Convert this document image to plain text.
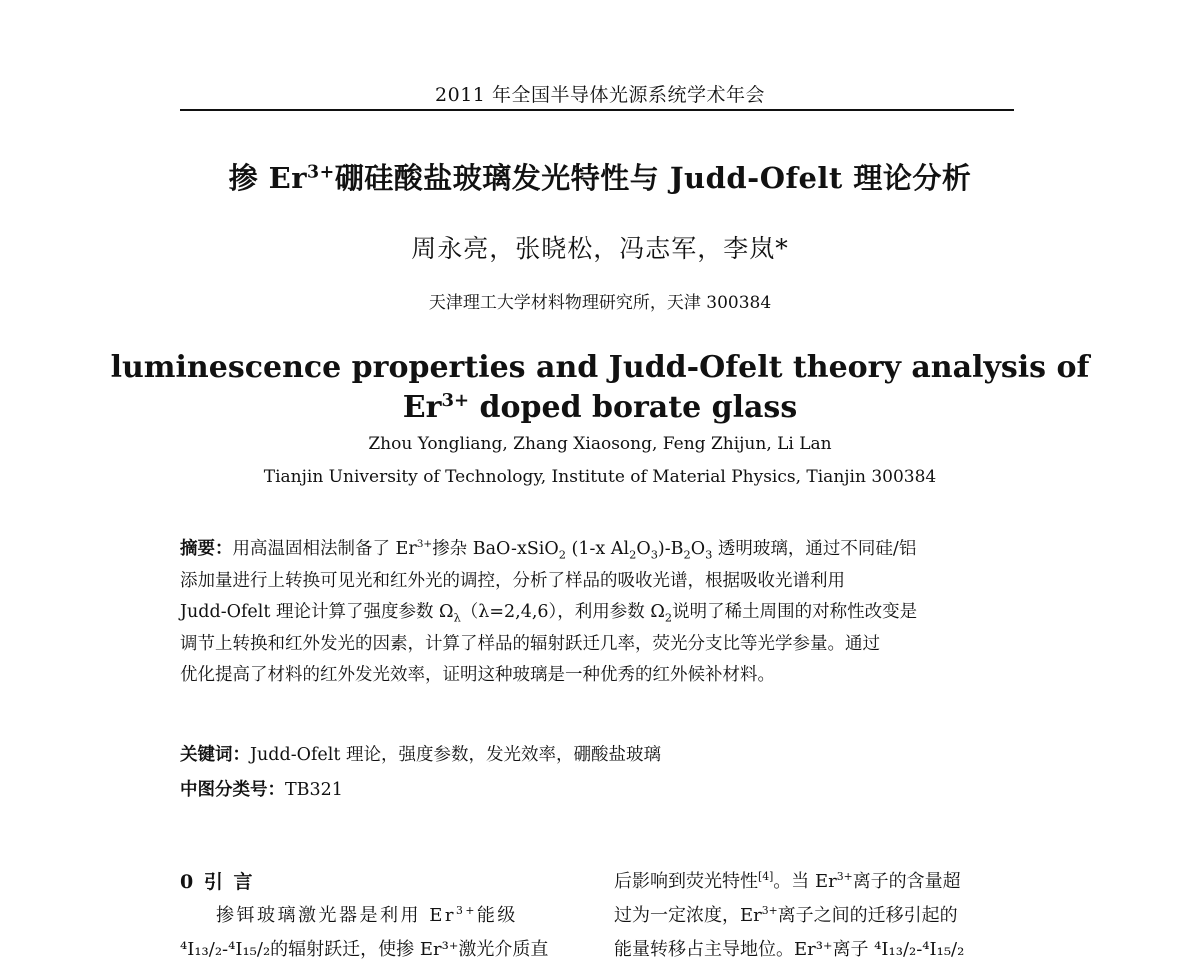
2011 年全国半导体光源系统学术年会
掺 $Er^{3+}$硼硅酸盐玻璃发光特性与 Judd-Ofelt 理论分析
周永亮，张晓松，冯志军，李岚*
天津理工大学材料物理研究所，天津 300384
luminescence properties and Judd-Ofelt theory analysis of
$Er^{3+}$ doped borate glass
Zhou Yongliang, Zhang Xiaosong, Feng Zhijun, Li Lan
Tianjin University of Technology, Institute of Material Physics, Tianjin 300384
摘要：用高温固相法制备了 $Er^{3+}$掺杂 BaO-xSiO$_2$ (1-x $Al_2O_3)-B_2O_3$ 透明玻璃，通过不同硅/铝
添加量进行上转换可见光和红外光的调控，分析了样品的吸收光谱，根据吸收光谱利用
Judd-Ofelt 理论计算了强度参数 $\Omega_\lambda(\lambda=2,4,6)$，利用参数 $\Omega_2$说明了稀土周围的对称性改变是
调节上转换和红外发光的因素，计算了样品的辐射跃迁几率，荧光分支比等光学参量。通过
优化提高了材料的红外发光效率，证明这种玻璃是一种优秀的红外候补材料。
关键词：Judd-Ofelt 理论，强度参数，发光效率，硼酸盐玻璃
中图分类号：TB321
0 引 言
掺铒玻璃激光器是利用 $Er^{3+}$能级
⁴I₁₃/₂-⁴I₁₅/₂的辐射跃迁，使掺 Er³⁺激光介质直
后影响到荧光特性[4]。当 $Er^{3+}$离子的含量超
过为一定浓度，$Er^{3+}$离子之间的迁移引起的
能量转移占主导地位。Er³⁺离子 ⁴I₁₃/₂-⁴I₁₅/₂
